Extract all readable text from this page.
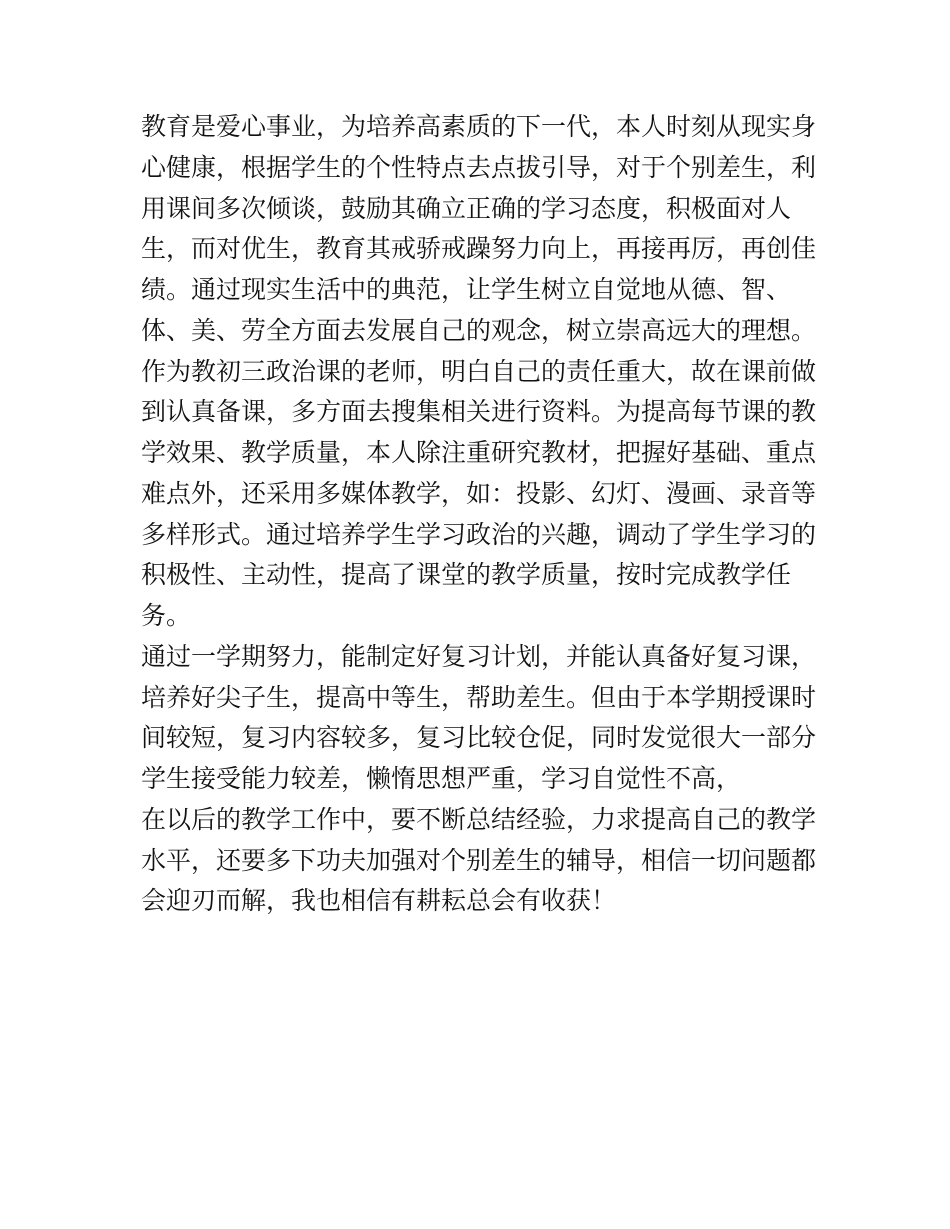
教育是爱心事业，为培养高素质的下一代，本人时刻从现实身
心健康，根据学生的个性特点去点拔引导，对于个别差生，利
用课间多次倾谈，鼓励其确立正确的学习态度，积极面对人
生，而对优生，教育其戒骄戒躁努力向上，再接再厉，再创佳
绩。通过现实生活中的典范，让学生树立自觉地从德、智、
体、美、劳全方面去发展自己的观念，树立崇高远大的理想。
作为教初三政治课的老师，明白自己的责任重大，故在课前做
到认真备课，多方面去搜集相关进行资料。为提高每节课的教
学效果、教学质量，本人除注重研究教材，把握好基础、重点
难点外，还采用多媒体教学，如：投影、幻灯、漫画、录音等
多样形式。通过培养学生学习政治的兴趣，调动了学生学习的
积极性、主动性，提高了课堂的教学质量，按时完成教学任
务。
通过一学期努力，能制定好复习计划，并能认真备好复习课，
培养好尖子生，提高中等生，帮助差生。但由于本学期授课时
间较短，复习内容较多，复习比较仓促，同时发觉很大一部分
学生接受能力较差，懒惰思想严重，学习自觉性不高，
在以后的教学工作中，要不断总结经验，力求提高自己的教学
水平，还要多下功夫加强对个别差生的辅导，相信一切问题都
会迎刃而解，我也相信有耕耘总会有收获！
